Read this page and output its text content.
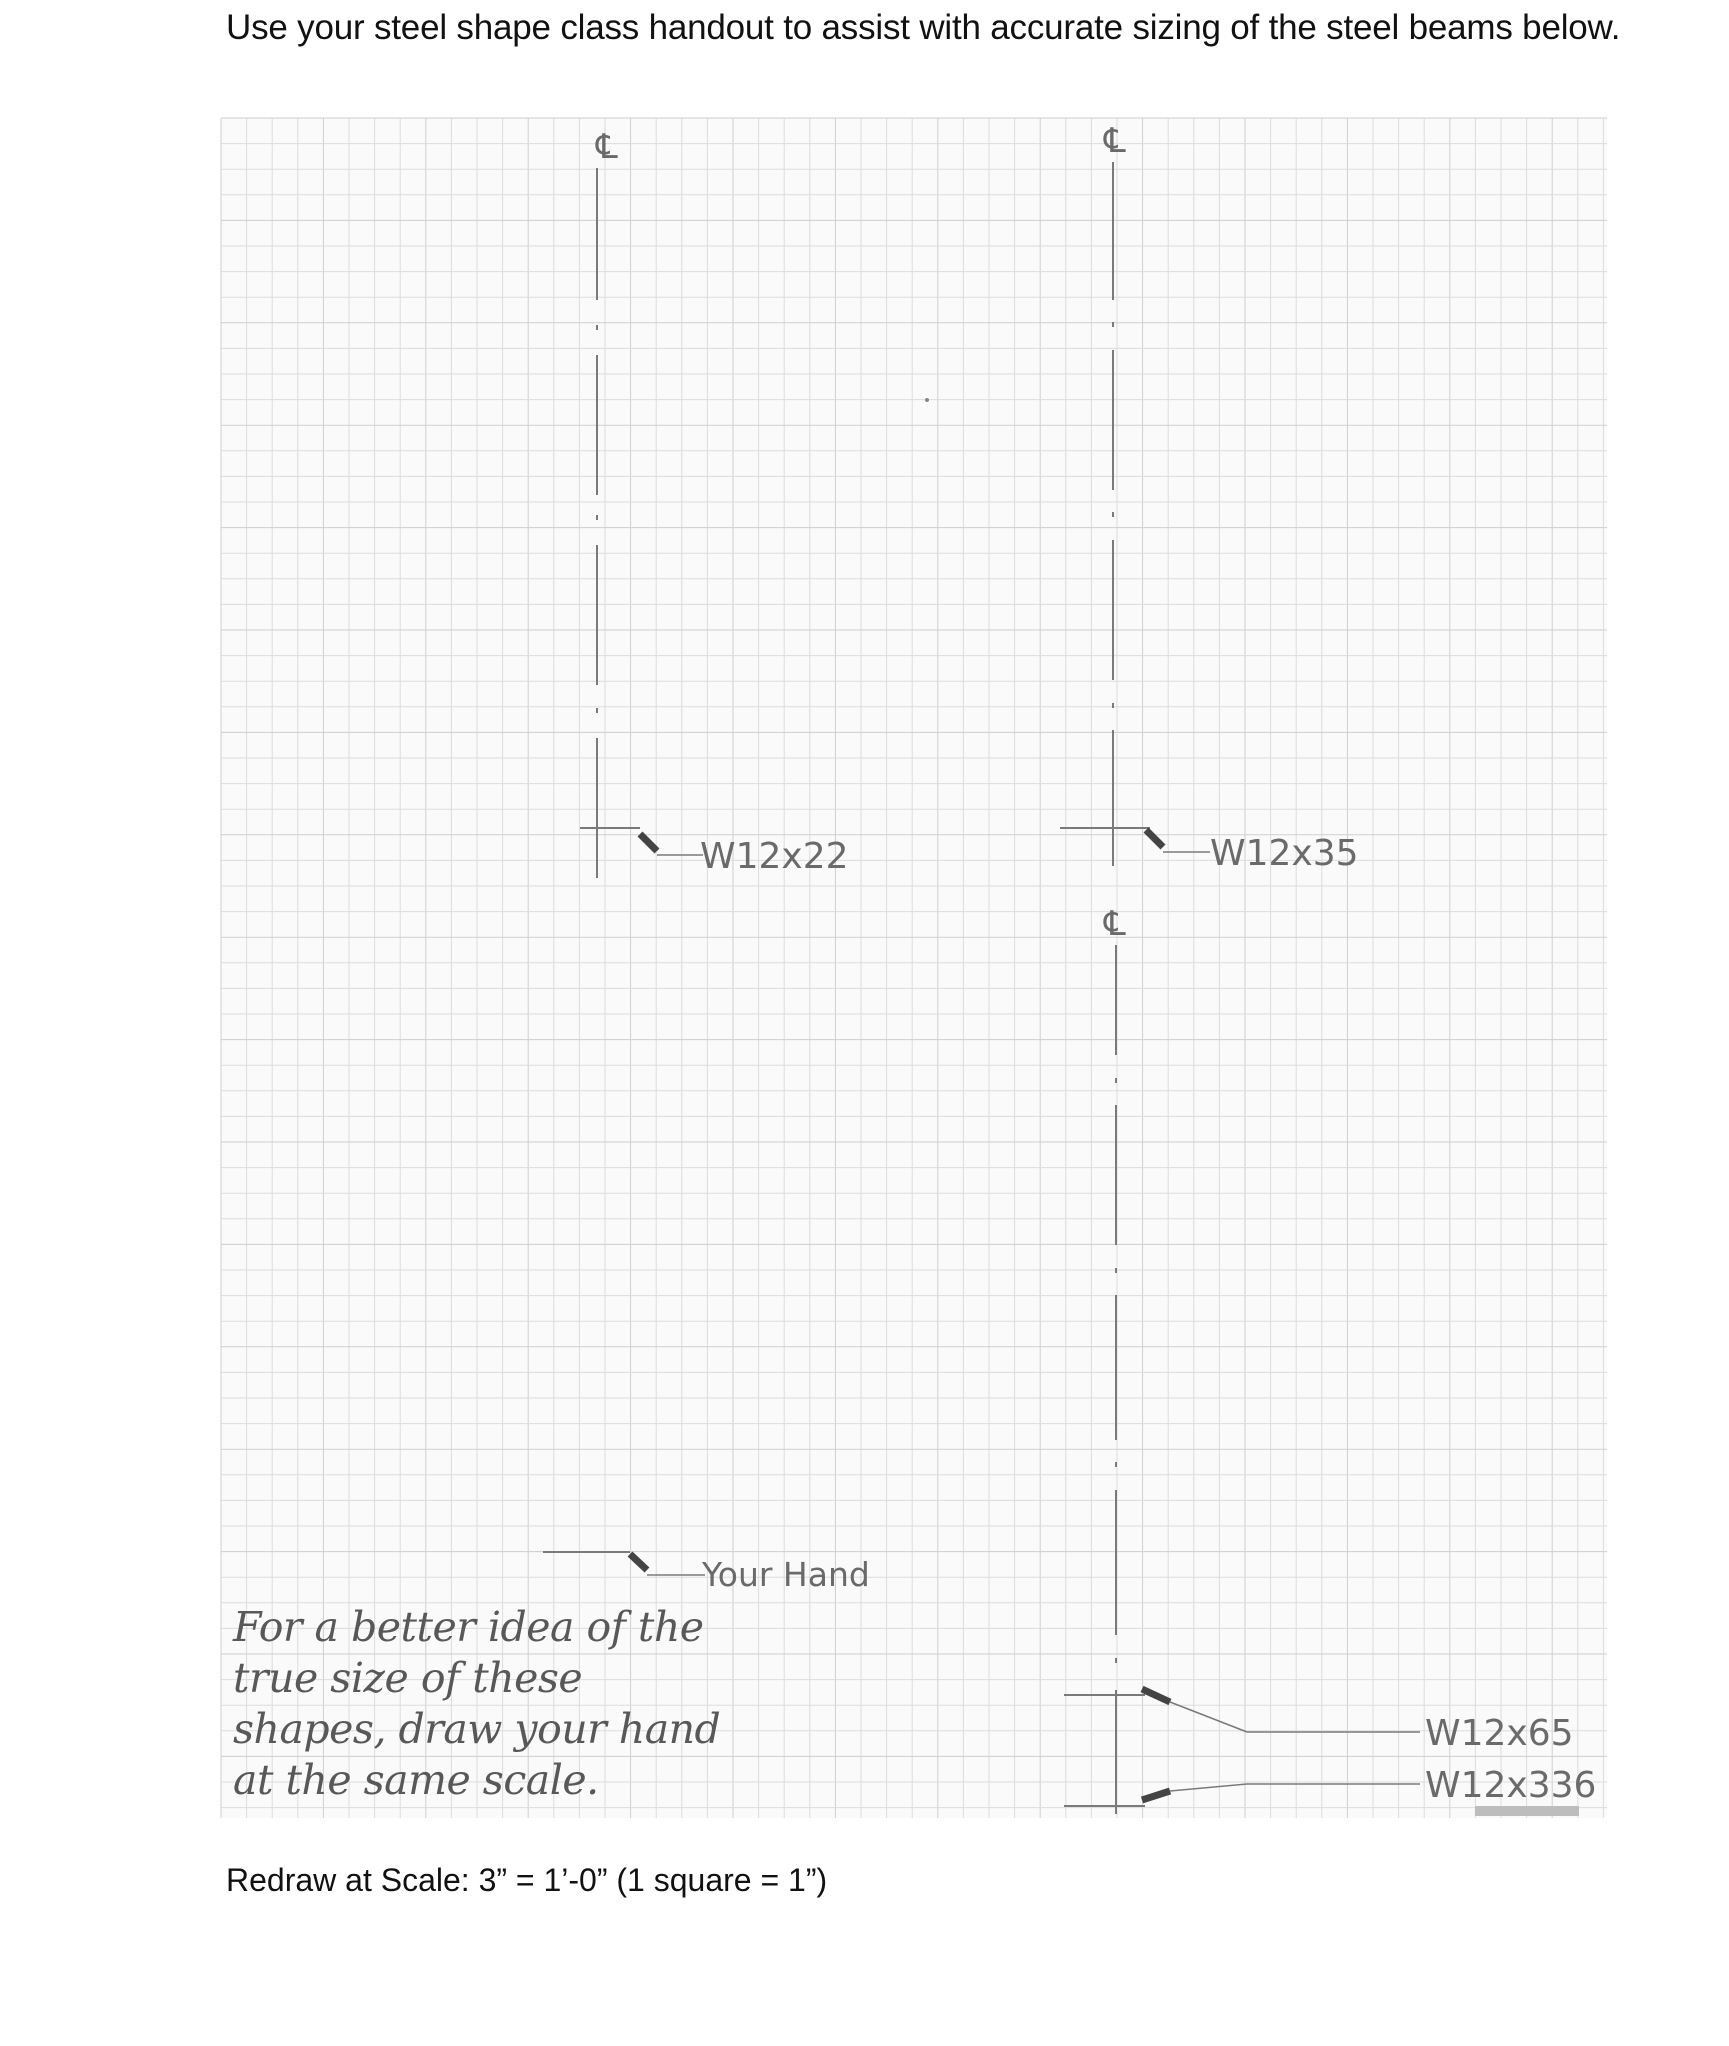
Use your steel shape class handout to assist with accurate sizing of the steel beams below.
℄
W12x22
℄
W12x35
℄
W12x65
W12x336
Your Hand
For a better idea of the
true size of these
shapes, draw your hand
at the same scale.
Redraw at Scale: 3” = 1’-0” (1 square = 1”)
